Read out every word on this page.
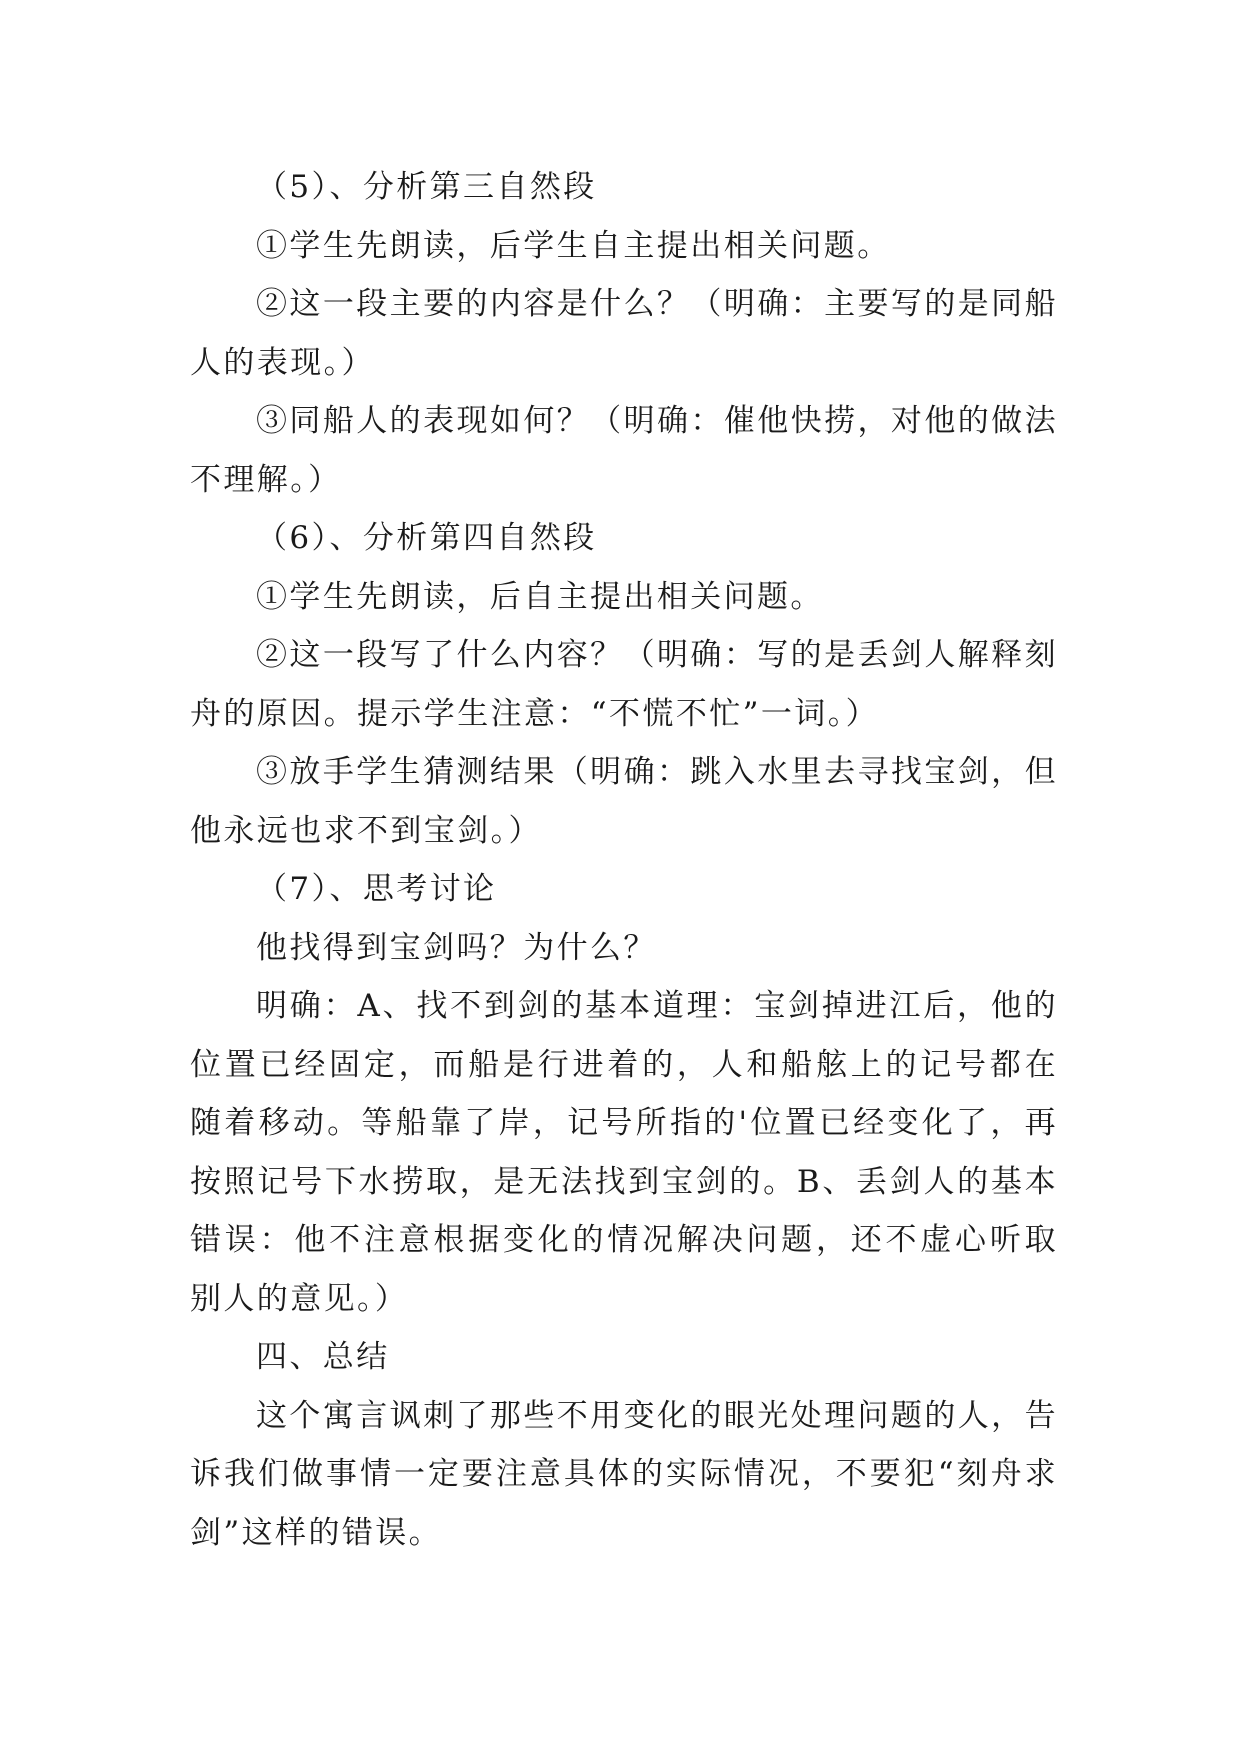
（5）、分析第三自然段

①学生先朗读，后学生自主提出相关问题。

②这一段主要的内容是什么？（明确：主要写的是同船人的表现。）

③同船人的表现如何？（明确：催他快捞，对他的做法不理解。）

（6）、分析第四自然段

①学生先朗读，后自主提出相关问题。

②这一段写了什么内容？（明确：写的是丢剑人解释刻舟的原因。提示学生注意：“不慌不忙”一词。）

③放手学生猜测结果（明确：跳入水里去寻找宝剑，但他永远也求不到宝剑。）

（7）、思考讨论

他找得到宝剑吗？为什么？

明确：A、找不到剑的基本道理：宝剑掉进江后，他的位置已经固定，而船是行进着的，人和船舷上的记号都在随着移动。等船靠了岸，记号所指的'位置已经变化了，再按照记号下水捞取，是无法找到宝剑的。B、丢剑人的基本错误：他不注意根据变化的情况解决问题，还不虚心听取别人的意见。）

四、总结

这个寓言讽刺了那些不用变化的眼光处理问题的人，告诉我们做事情一定要注意具体的实际情况，不要犯“刻舟求剑”这样的错误。
